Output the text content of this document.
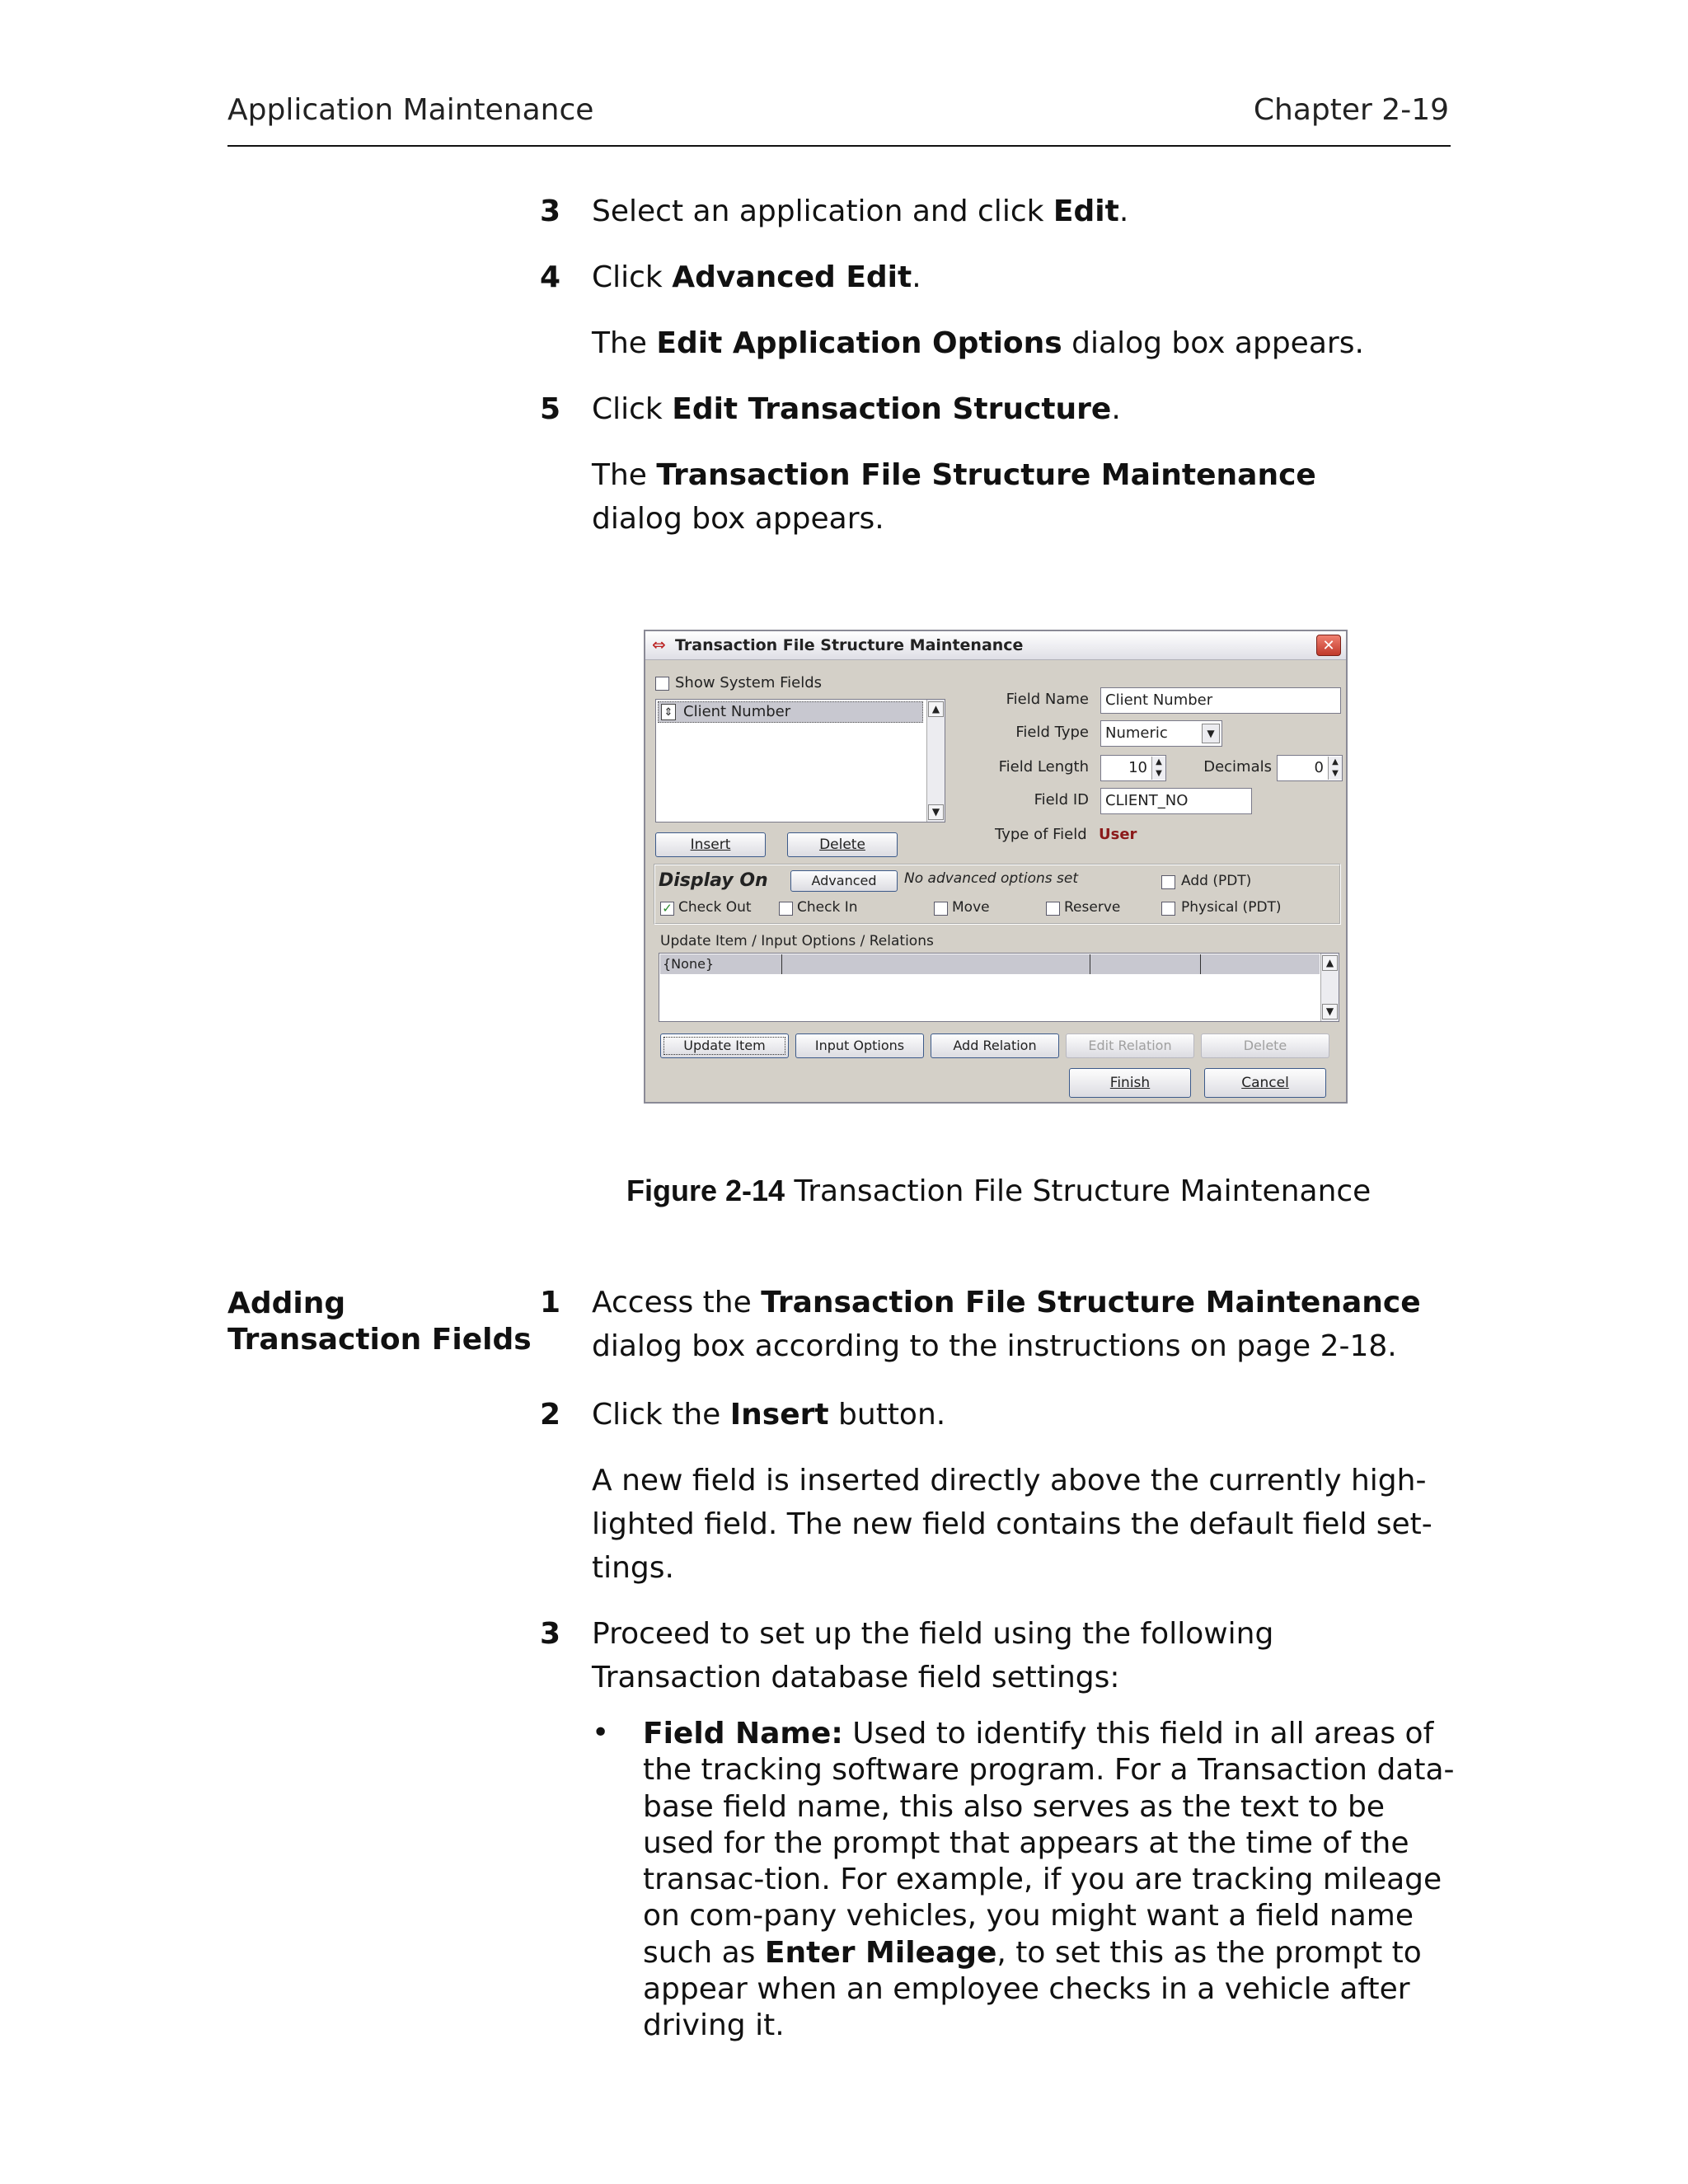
Application Maintenance	Chapter 2-19
3 Select an application and click Edit.
4 Click Advanced Edit.
The Edit Application Options dialog box appears.
5 Click Edit Transaction Structure.
The Transaction File Structure Maintenance dialog box appears.
⇔ Transaction File Structure Maintenance	✕
Show System Fields
⇕ Client Number	▲
▼
Insert	Delete
Field Name	Client Number
Field Type	Numeric	▼
Field Length	10	▲
▼	Decimals	0	▲
▼
Field ID	CLIENT_NO
Type of Field User
Display On	Advanced	No advanced options set	Add (PDT)
✓ Check Out	Check In	Move	Reserve	Physical (PDT)
Update Item / Input Options / Relations
{None}	▲
▼
Update Item	Input Options	Add Relation	Edit Relation	Delete
Finish	Cancel
Figure 2-14 Transaction File Structure Maintenance
Adding
Transaction Fields
1 Access the Transaction File Structure Maintenance dialog box according to the instructions on page 2-18.
2 Click the Insert button.
A new field is inserted directly above the currently high-lighted field. The new field contains the default field set-tings.
3 Proceed to set up the field using the following Transaction database field settings:
• Field Name: Used to identify this field in all areas of the tracking software program. For a Transaction data-base field name, this also serves as the text to be used for the prompt that appears at the time of the transac-tion. For example, if you are tracking mileage on com-pany vehicles, you might want a field name such as Enter Mileage, to set this as the prompt to appear when an employee checks in a vehicle after driving it.
